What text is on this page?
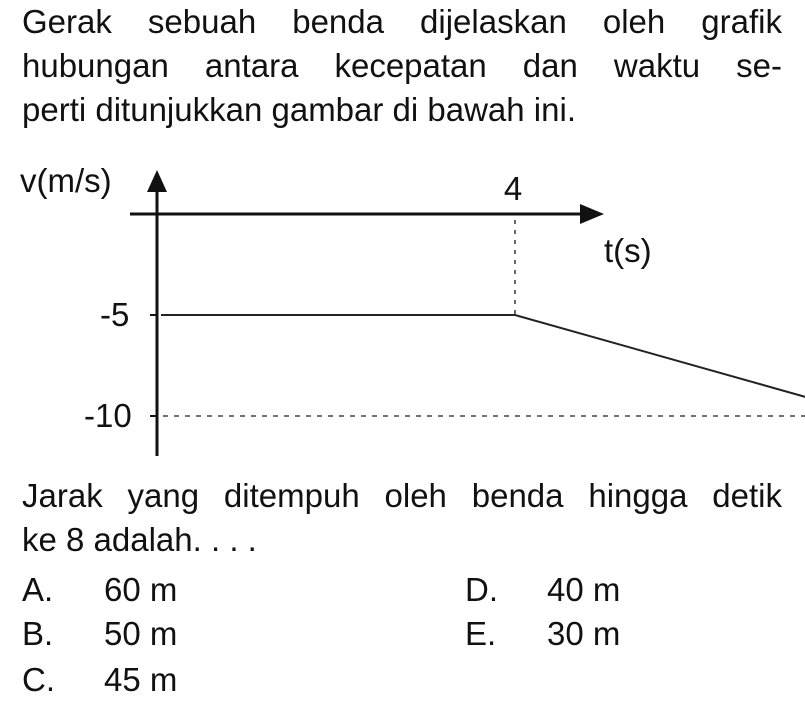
Gerak sebuah benda dijelaskan oleh grafik
hubungan antara kecepatan dan waktu se-
perti ditunjukkan gambar di bawah ini.
v(m/s)
t(s)
4
-5
-10
Jarak yang ditempuh oleh benda hingga detik
ke 8 adalah. . . .
A. 60 m
B. 50 m
C. 45 m
D. 40 m
E. 30 m
